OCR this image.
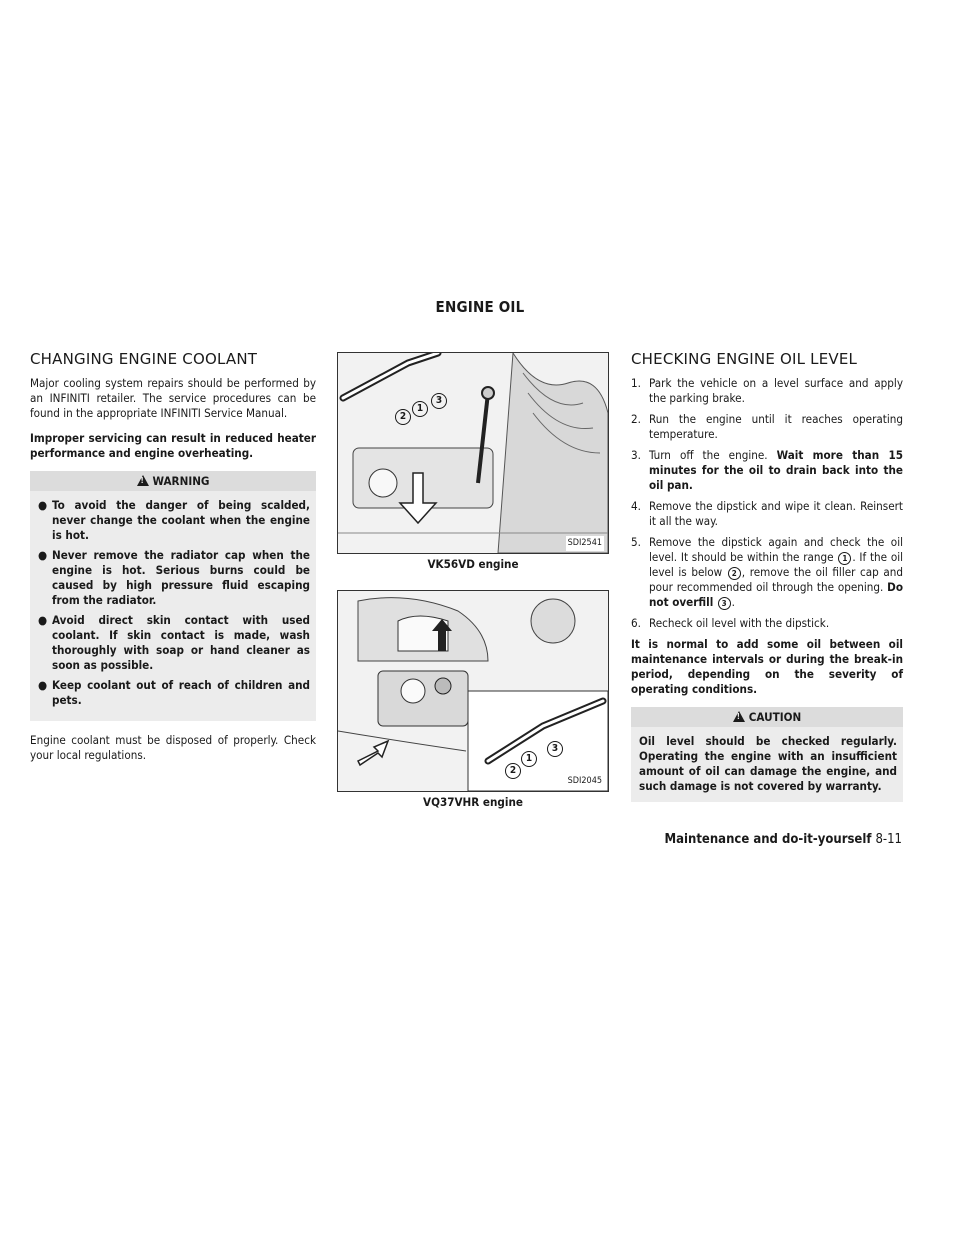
ENGINE OIL
CHANGING ENGINE COOLANT

Major cooling system repairs should be performed by an INFINITI retailer. The service procedures can be found in the appropriate INFINITI Service Manual.

Improper servicing can result in reduced heater performance and engine overheating.

!WARNING
● To avoid the danger of being scalded, never change the coolant when the engine is hot.
● Never remove the radiator cap when the engine is hot. Serious burns could be caused by high pressure fluid escaping from the radiator.
● Avoid direct skin contact with used coolant. If skin contact is made, wash thoroughly with soap or hand cleaner as soon as possible.
● Keep coolant out of reach of children and pets.

Engine coolant must be disposed of properly. Check your local regulations.

2
1
3
SDI2541
VK56VD engine
2
1
3
SDI2045
VQ37VHR engine
CHECKING ENGINE OIL LEVEL
1. Park the vehicle on a level surface and apply the parking brake.
2. Run the engine until it reaches operating temperature.
3. Turn off the engine. Wait more than 15 minutes for the oil to drain back into the oil pan.
4. Remove the dipstick and wipe it clean. Reinsert it all the way.
5. Remove the dipstick again and check the oil level. It should be within the range 1 . If the oil level is below 2 , remove the oil filler cap and pour recommended oil through the opening. Do not overfill 3 .
6. Recheck oil level with the dipstick.

It is normal to add some oil between oil maintenance intervals or during the break-in period, depending on the severity of operating conditions.

!CAUTION
Oil level should be checked regularly. Operating the engine with an insufficient amount of oil can damage the engine, and such damage is not covered by warranty.
Maintenance and do-it-yourself 8-11
